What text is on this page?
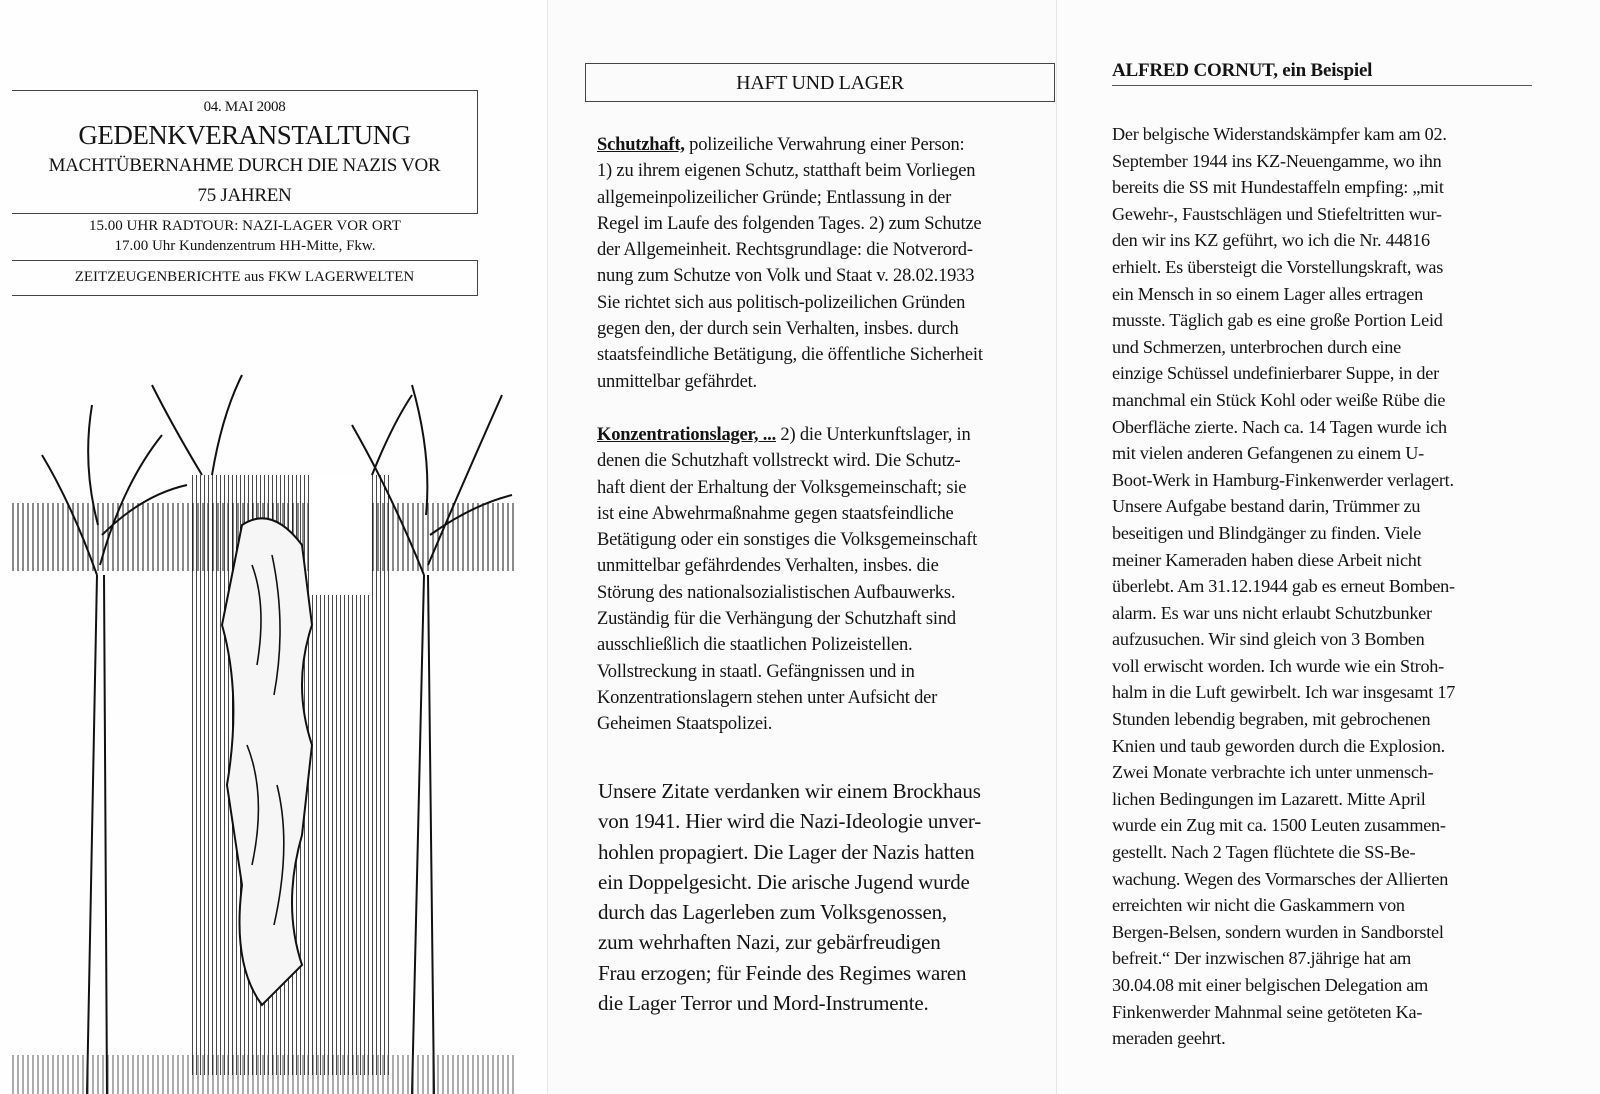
04. MAI 2008
GEDENKVERANSTALTUNG
MACHTÜBERNAHME DURCH DIE NAZIS VOR
75 JAHREN
15.00 UHR RADTOUR: NAZI-LAGER VOR ORT
17.00 Uhr Kundenzentrum HH-Mitte, Fkw.
ZEITZEUGENBERICHTE aus FKW LAGERWELTEN
HAFT UND LAGER
Schutzhaft, polizeiliche Verwahrung einer Person:
1) zu ihrem eigenen Schutz, statthaft beim Vorliegen
allgemeinpolizeilicher Gründe; Entlassung in der
Regel im Laufe des folgenden Tages. 2) zum Schutze
der Allgemeinheit. Rechtsgrundlage: die Notverord-
nung zum Schutze von Volk und Staat v. 28.02.1933
Sie richtet sich aus politisch-polizeilichen Gründen
gegen den, der durch sein Verhalten, insbes. durch
staatsfeindliche Betätigung, die öffentliche Sicherheit
unmittelbar gefährdet.
Konzentrationslager, ... 2) die Unterkunftslager, in
denen die Schutzhaft vollstreckt wird. Die Schutz-
haft dient der Erhaltung der Volksgemeinschaft; sie
ist eine Abwehrmaßnahme gegen staatsfeindliche
Betätigung oder ein sonstiges die Volksgemeinschaft
unmittelbar gefährdendes Verhalten, insbes. die
Störung des nationalsozialistischen Aufbauwerks.
Zuständig für die Verhängung der Schutzhaft sind
ausschließlich die staatlichen Polizeistellen.
Vollstreckung in staatl. Gefängnissen und in
Konzentrationslagern stehen unter Aufsicht der
Geheimen Staatspolizei.
Unsere Zitate verdanken wir einem Brockhaus
von 1941. Hier wird die Nazi-Ideologie unver-
hohlen propagiert. Die Lager der Nazis hatten
ein Doppelgesicht. Die arische Jugend wurde
durch das Lagerleben zum Volksgenossen,
zum wehrhaften Nazi, zur gebärfreudigen
Frau erzogen; für Feinde des Regimes waren
die Lager Terror und Mord-Instrumente.
ALFRED CORNUT, ein Beispiel
Der belgische Widerstandskämpfer kam am 02.
September 1944 ins KZ-Neuengamme, wo ihn
bereits die SS mit Hundestaffeln empfing: „mit
Gewehr-, Faustschlägen und Stiefeltritten wur-
den wir ins KZ geführt, wo ich die Nr. 44816
erhielt. Es übersteigt die Vorstellungskraft, was
ein Mensch in so einem Lager alles ertragen
musste. Täglich gab es eine große Portion Leid
und Schmerzen, unterbrochen durch eine
einzige Schüssel undefinierbarer Suppe, in der
manchmal ein Stück Kohl oder weiße Rübe die
Oberfläche zierte. Nach ca. 14 Tagen wurde ich
mit vielen anderen Gefangenen zu einem U-
Boot-Werk in Hamburg-Finkenwerder verlagert.
Unsere Aufgabe bestand darin, Trümmer zu
beseitigen und Blindgänger zu finden. Viele
meiner Kameraden haben diese Arbeit nicht
überlebt. Am 31.12.1944 gab es erneut Bomben-
alarm. Es war uns nicht erlaubt Schutzbunker
aufzusuchen. Wir sind gleich von 3 Bomben
voll erwischt worden. Ich wurde wie ein Stroh-
halm in die Luft gewirbelt. Ich war insgesamt 17
Stunden lebendig begraben, mit gebrochenen
Knien und taub geworden durch die Explosion.
Zwei Monate verbrachte ich unter unmensch-
lichen Bedingungen im Lazarett. Mitte April
wurde ein Zug mit ca. 1500 Leuten zusammen-
gestellt. Nach 2 Tagen flüchtete die SS-Be-
wachung. Wegen des Vormarsches der Allierten
erreichten wir nicht die Gaskammern von
Bergen-Belsen, sondern wurden in Sandborstel
befreit.“ Der inzwischen 87.jährige hat am
30.04.08 mit einer belgischen Delegation am
Finkenwerder Mahnmal seine getöteten Ka-
meraden geehrt.
